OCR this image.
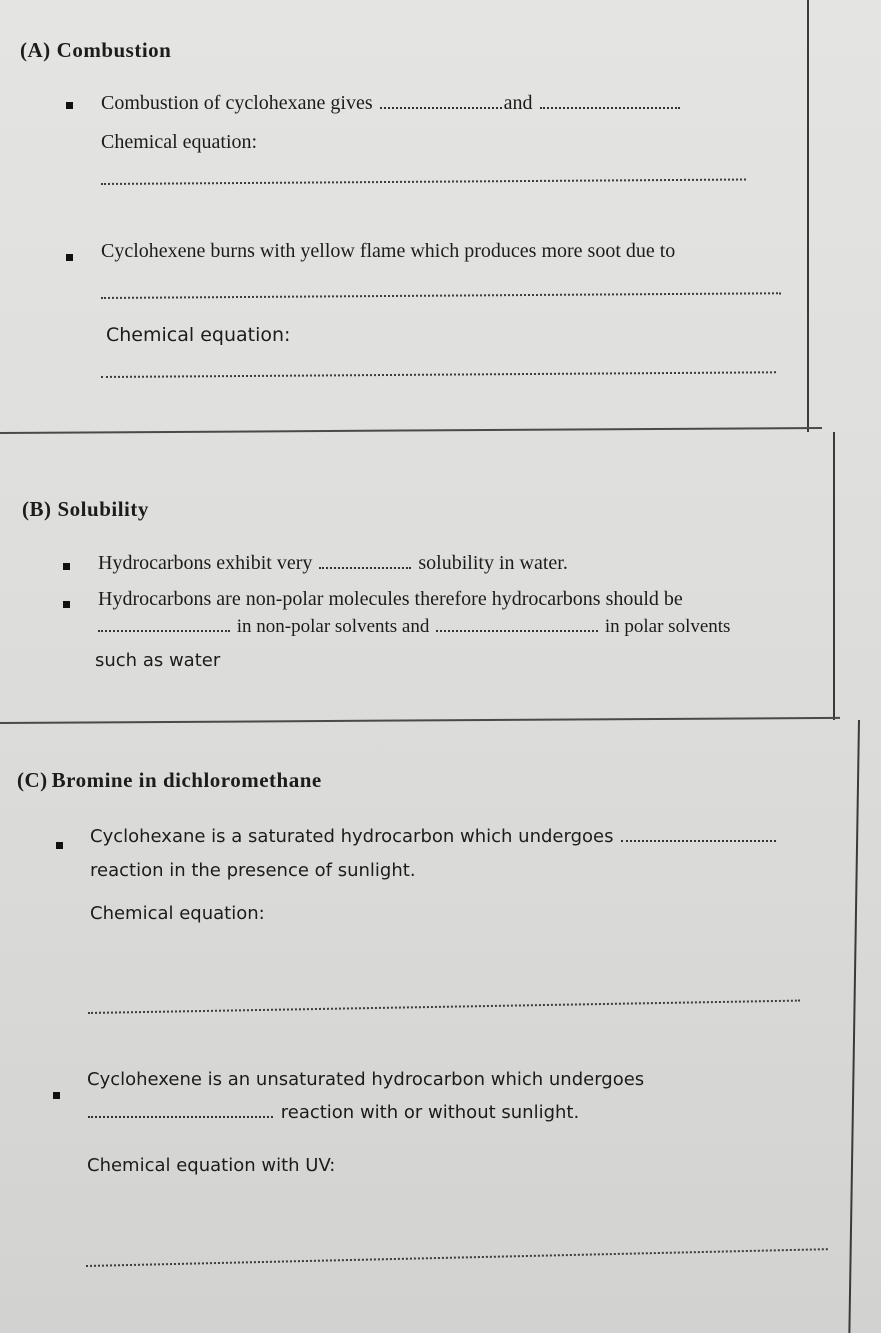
(A) Combustion
Combustion of cyclohexane gives	and
Chemical equation:
Cyclohexene burns with yellow flame which produces more soot due to
Chemical equation:
(B) Solubility
Hydrocarbons exhibit very	solubility in water.
Hydrocarbons are non-polar molecules therefore hydrocarbons should be
in non-polar solvents and	in polar solvents
such as water
(C) Bromine in dichloromethane
Cyclohexane is a saturated hydrocarbon which undergoes
reaction in the presence of sunlight.
Chemical equation:
Cyclohexene is an unsaturated hydrocarbon which undergoes
reaction with or without sunlight.
Chemical equation with UV:
